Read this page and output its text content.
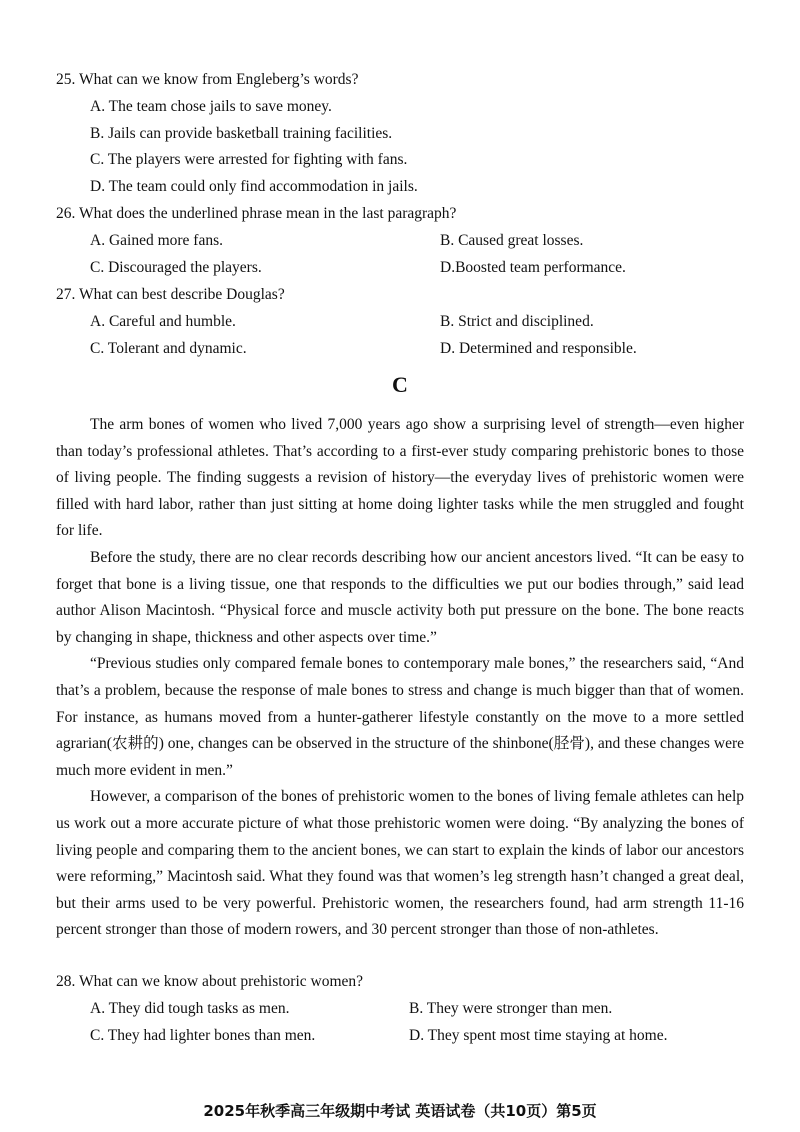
25. What can we know from Engleberg’s words?
A. The team chose jails to save money.
B. Jails can provide basketball training facilities.
C. The players were arrested for fighting with fans.
D. The team could only find accommodation in jails.
26. What does the underlined phrase mean in the last paragraph?
A. Gained more fans.	B. Caused great losses.
C. Discouraged the players.	D.Boosted team performance.
27. What can best describe Douglas?
A. Careful and humble.	B. Strict and disciplined.
C. Tolerant and dynamic.	D. Determined and responsible.
C

The arm bones of women who lived 7,000 years ago show a surprising level of strength—even higher than today’s professional athletes. That’s according to a first-ever study comparing prehistoric bones to those of living people. The finding suggests a revision of history—the everyday lives of prehistoric women were filled with hard labor, rather than just sitting at home doing lighter tasks while the men struggled and fought for life.

Before the study, there are no clear records describing how our ancient ancestors lived. “It can be easy to forget that bone is a living tissue, one that responds to the difficulties we put our bodies through,” said lead author Alison Macintosh. “Physical force and muscle activity both put pressure on the bone. The bone reacts by changing in shape, thickness and other aspects over time.”

“Previous studies only compared female bones to contemporary male bones,” the researchers said, “And that’s a problem, because the response of male bones to stress and change is much bigger than that of women. For instance, as humans moved from a hunter-gatherer lifestyle constantly on the move to a more settled agrarian(农耕的) one, changes can be observed in the structure of the shinbone(胫骨), and these changes were much more evident in men.”

However, a comparison of the bones of prehistoric women to the bones of living female athletes can help us work out a more accurate picture of what those prehistoric women were doing. “By analyzing the bones of living people and comparing them to the ancient bones, we can start to explain the kinds of labor our ancestors were reforming,” Macintosh said. What they found was that women’s leg strength hasn’t changed a great deal, but their arms used to be very powerful. Prehistoric women, the researchers found, had arm strength 11-16 percent stronger than those of modern rowers, and 30 percent stronger than those of non-athletes.

28. What can we know about prehistoric women?
A. They did tough tasks as men.	B. They were stronger than men.
C. They had lighter bones than men.	D. They spent most time staying at home.
2025年秋季高三年级期中考试 英语试卷（共10页）第5页
